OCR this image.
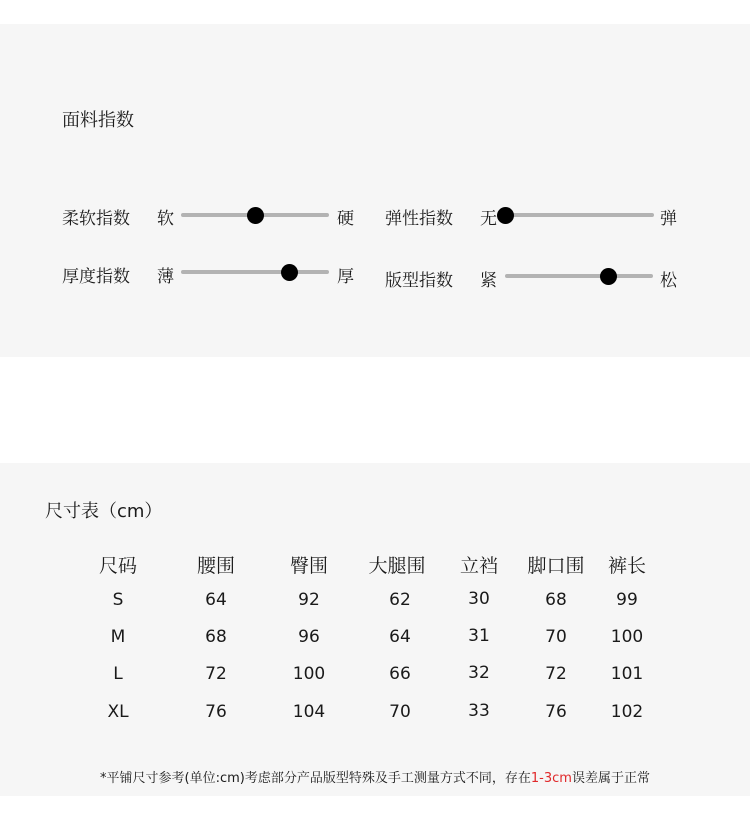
面料指数
柔软指数 软	硬 弹性指数 无	弹
厚度指数 薄	厚 版型指数 紧	松
尺寸表（cm）
尺码	腰围	臀围	大腿围	立裆	脚口围	裤长
S	64	92	62	30	68	99
M	68	96	64	31	70	100
L	72	100	66	32	72	101
XL	76	104	70	33	76	102
*平铺尺寸参考(单位:cm)考虑部分产品版型特殊及手工测量方式不同，存在1-3cm误差属于正常
